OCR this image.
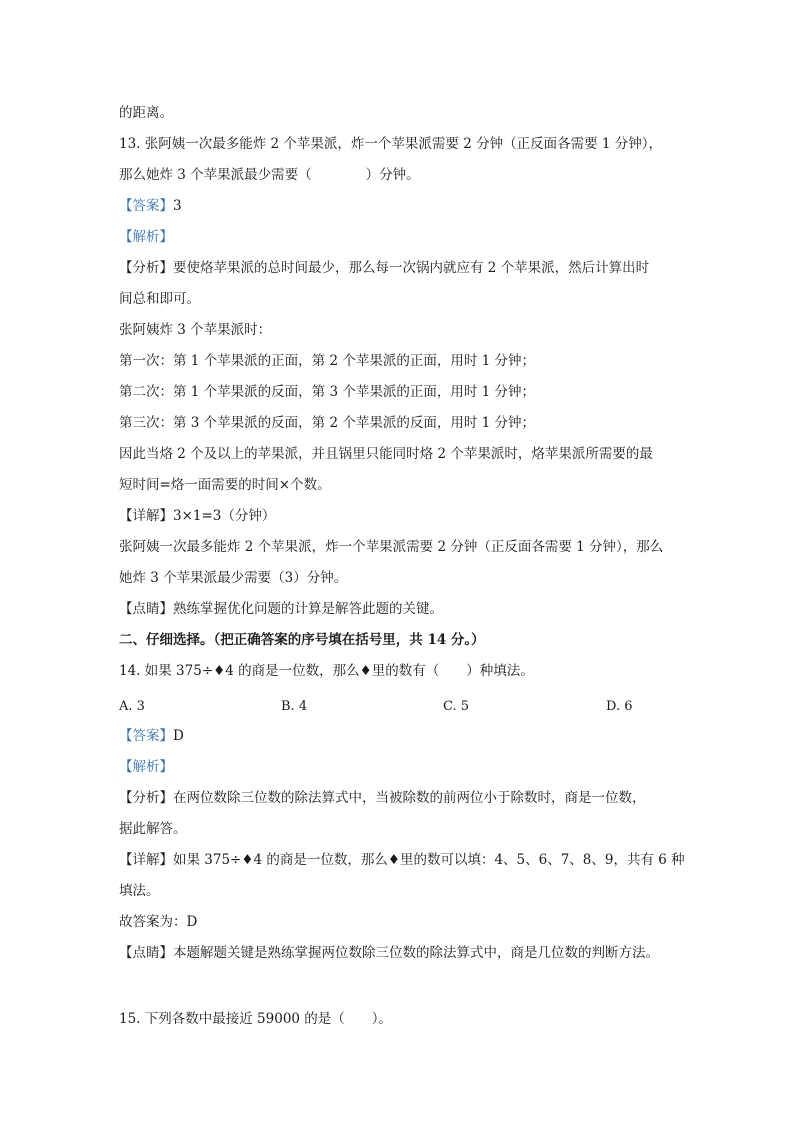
的距离。
13. 张阿姨一次最多能炸 2 个苹果派，炸一个苹果派需要 2 分钟（正反面各需要 1 分钟），
那么她炸 3 个苹果派最少需要（　　　　）分钟。
【答案】3
【解析】
【分析】要使烙苹果派的总时间最少，那么每一次锅内就应有 2 个苹果派，然后计算出时
间总和即可。
张阿姨炸 3 个苹果派时：
第一次：第 1 个苹果派的正面，第 2 个苹果派的正面，用时 1 分钟；
第二次：第 1 个苹果派的反面，第 3 个苹果派的正面，用时 1 分钟；
第三次：第 3 个苹果派的反面，第 2 个苹果派的反面，用时 1 分钟；
因此当烙 2 个及以上的苹果派，并且锅里只能同时烙 2 个苹果派时，烙苹果派所需要的最
短时间=烙一面需要的时间×个数。
【详解】3×1=3（分钟）
张阿姨一次最多能炸 2 个苹果派，炸一个苹果派需要 2 分钟（正反面各需要 1 分钟），那么
她炸 3 个苹果派最少需要（3）分钟。
【点睛】熟练掌握优化问题的计算是解答此题的关键。
二、仔细选择。（把正确答案的序号填在括号里，共 14 分。）
14. 如果 375÷♦4 的商是一位数，那么♦里的数有（　　）种填法。
A. 3	B. 4	C. 5	D. 6
【答案】D
【解析】
【分析】在两位数除三位数的除法算式中，当被除数的前两位小于除数时，商是一位数，
据此解答。
【详解】如果 375÷♦4 的商是一位数，那么♦里的数可以填：4、5、6、7、8、9，共有 6 种
填法。
故答案为：D
【点睛】本题解题关键是熟练掌握两位数除三位数的除法算式中，商是几位数的判断方法。
15. 下列各数中最接近 59000 的是（　　）。
